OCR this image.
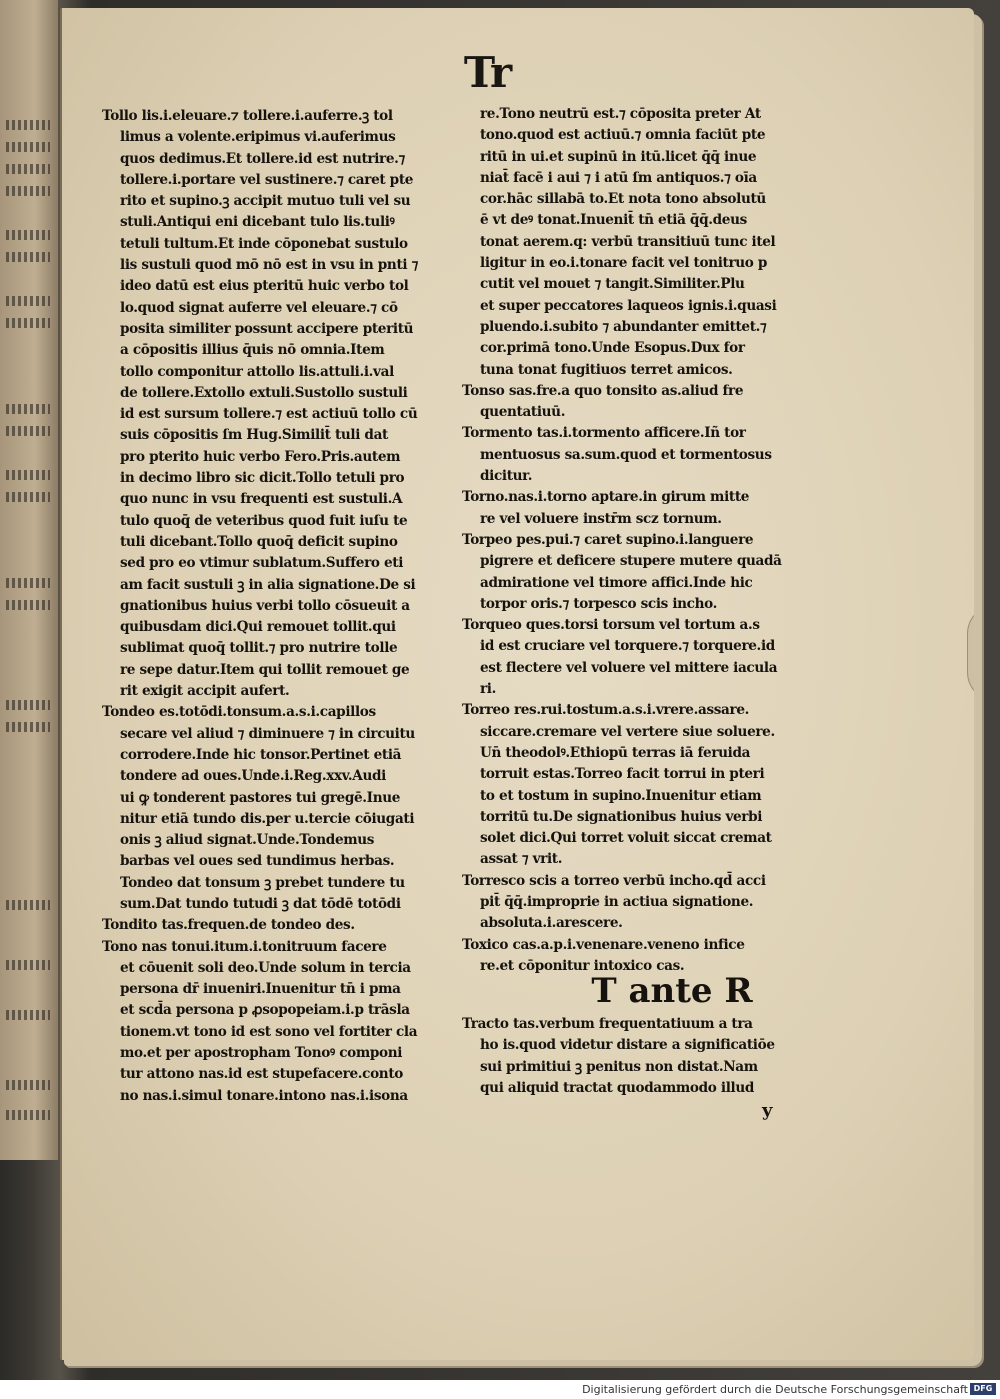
Tr
Tollo lis.i.eleuare.⁊ tollere.i.auferre.ꝫ tol
limus a volente.eripimus vi.auferimus
quos dedimus.Et tollere.id est nutrire.⁊
tollere.i.portare vel sustinere.⁊ caret pte
rito et supino.ꝫ accipit mutuo tuli vel su
stuli.Antiqui eni dicebant tulo lis.tuliꝰ
tetuli tultum.Et inde cōponebat sustulo
lis sustuli quod mō nō est in vsu in pnti ⁊
ideo datū est eius pteritū huic verbo tol
lo.quod signat auferre vel eleuare.⁊ cō
posita similiter possunt accipere pteritū
a cōpositis illius q̄uis nō omnia.Item
tollo componitur attollo lis.attuli.i.val
de tollere.Extollo extuli.Sustollo sustuli
id est sursum tollere.⁊ est actiuū tollo cū
suis cōpositis ſm Hug.Similit̄ tuli dat
pro pterito huic verbo Fero.Pris.autem
in decimo libro sic dicit.Tollo tetuli pro
quo nunc in vsu frequenti est sustuli.A
tulo quoq̄ de veteribus quod fuit iuſu te
tuli dicebant.Tollo quoq̄ deficit supino
sed pro eo vtimur sublatum.Suffero eti
am facit sustuli ꝫ in alia signatione.De si
gnationibus huius verbi tollo cōsueuit a
quibusdam dici.Qui remouet tollit.qui
sublimat quoq̄ tollit.⁊ pro nutrire tolle
re sepe datur.Item qui tollit remouet ge
rit exigit accipit aufert.
Tondeo es.totōdi.tonsum.a.s.i.capillos
secare vel aliud ⁊ diminuere ⁊ in circuitu
corrodere.Inde hic tonsor.Pertinet etiā
tondere ad oues.Unde.i.Reg.xxv.Audi
ui ꝙ tonderent pastores tui gregē.Inue
nitur etiā tundo dis.per u.tercie cōiugati
onis ꝫ aliud signat.Unde.Tondemus
barbas vel oues sed tundimus herbas.
Tondeo dat tonsum ꝫ prebet tundere tu
sum.Dat tundo tutudi ꝫ dat tōdē totōdi
Tondito tas.frequen.de tondeo des.
Tono nas tonui.itum.i.tonitruum facere
et cōuenit soli deo.Unde solum in tercia
persona dr̄ inueniri.Inuenitur tn̄ i pma
et scd̄a persona p ꝓsopopeiam.i.p trāsla
tionem.vt tono id est sono vel fortiter cla
mo.et per apostropham Tonoꝰ componi
tur attono nas.id est stupefacere.conto
no nas.i.simul tonare.intono nas.i.isona
re.Tono neutrū est.⁊ cōposita preter At
tono.quod est actiuū.⁊ omnia faciūt pte
ritū in ui.et supinū in itū.licet q̄q̄ inue
niat̄ facē i aui ⁊ i atū ſm antiquos.⁊ oīa
cor.hāc sillabā to.Et nota tono absolutū
ē vt deꝰ tonat.Inuenit̄ tn̄ etiā q̄q̄.deus
tonat aerem.q: verbū transitiuū tunc itel
ligitur in eo.i.tonare facit vel tonitruo p
cutit vel mouet ⁊ tangit.Similiter.Plu
et super peccatores laqueos ignis.i.quasi
pluendo.i.subito ⁊ abundanter emittet.⁊
cor.primā tono.Unde Esopus.Dux for
tuna tonat fugitiuos terret amicos.
Tonso sas.fre.a quo tonsito as.aliud fre
quentatiuū.
Tormento tas.i.tormento afficere.Iñ tor
mentuosus sa.sum.quod et tormentosus
dicitur.
Torno.nas.i.torno aptare.in girum mitte
re vel voluere instr̄m scz tornum.
Torpeo pes.pui.⁊ caret supino.i.languere
pigrere et deficere stupere mutere quadā
admiratione vel timore affici.Inde hic
torpor oris.⁊ torpesco scis incho.
Torqueo ques.torsi torsum vel tortum a.s
id est cruciare vel torquere.⁊ torquere.id
est flectere vel voluere vel mittere iacula
ri.
Torreo res.rui.tostum.a.s.i.vrere.assare.
siccare.cremare vel vertere siue soluere.
Un̄ theodolꝰ.Ethiopū terras iā feruida
torruit estas.Torreo facit torrui in pteri
to et tostum in supino.Inuenitur etiam
torritū tu.De signationibus huius verbi
solet dici.Qui torret voluit siccat cremat
assat ⁊ vrit.
Torresco scis a torreo verbū incho.qd̄ acci
pit̄ q̄q̄.improprie in actiua signatione.
absoluta.i.arescere.
Toxico cas.a.p.i.venenare.veneno infice
re.et cōponitur intoxico cas.
T ante R
Tracto tas.verbum frequentatiuum a tra
ho is.quod videtur distare a significatiōe
sui primitiui ꝫ penitus non distat.Nam
qui aliquid tractat quodammodo illud
y
Digitalisierung gefördert durch die Deutsche Forschungsgemeinschaft DFG
